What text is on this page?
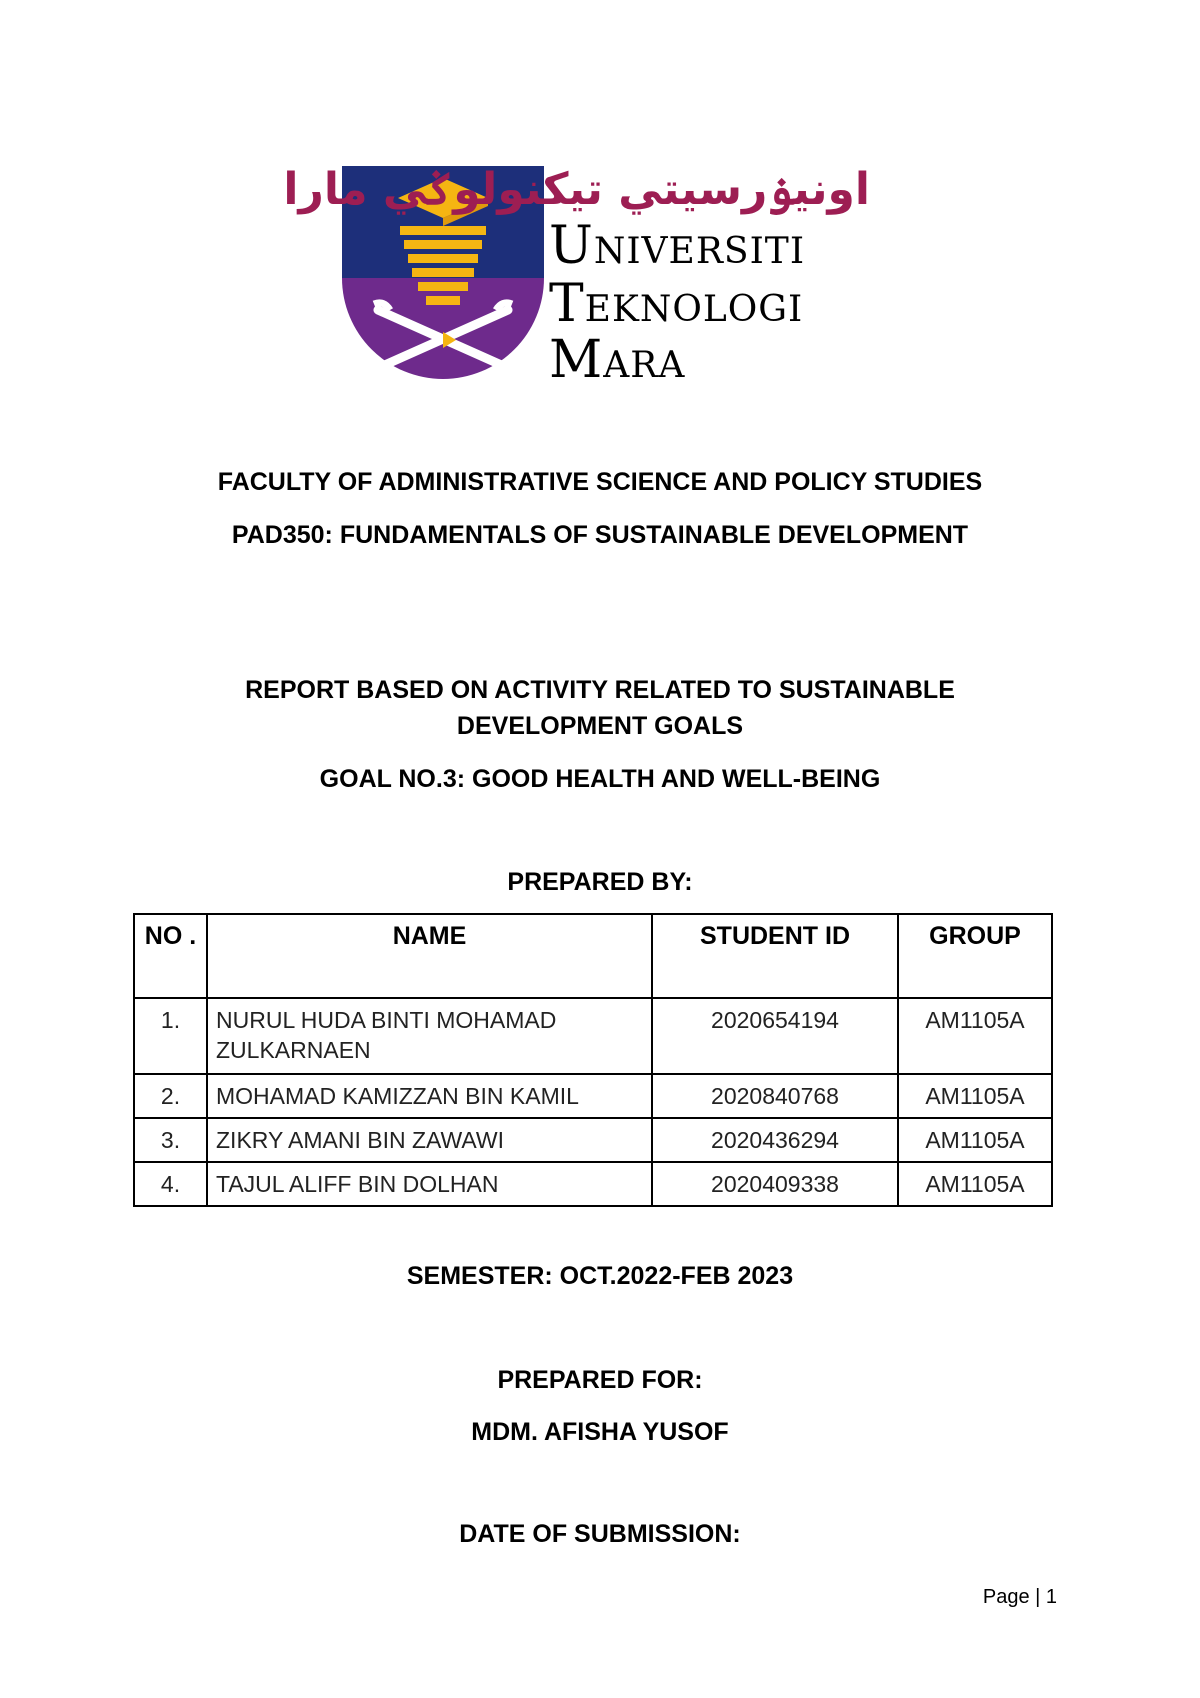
اونيۏرسيتي تيكنولوݢي مارا
Universiti
Teknologi
Mara
FACULTY OF ADMINISTRATIVE SCIENCE AND POLICY STUDIES
PAD350: FUNDAMENTALS OF SUSTAINABLE DEVELOPMENT
REPORT BASED ON ACTIVITY RELATED TO SUSTAINABLE
DEVELOPMENT GOALS
GOAL NO.3: GOOD HEALTH AND WELL-BEING
PREPARED BY:
NO .	NAME	STUDENT ID	GROUP
1.	NURUL HUDA BINTI MOHAMAD ZULKARNAEN	2020654194	AM1105A
2.	MOHAMAD KAMIZZAN BIN KAMIL	2020840768	AM1105A
3.	ZIKRY AMANI BIN ZAWAWI	2020436294	AM1105A
4.	TAJUL ALIFF BIN DOLHAN	2020409338	AM1105A
SEMESTER: OCT.2022-FEB 2023
PREPARED FOR:
MDM. AFISHA YUSOF
DATE OF SUBMISSION:
Page | 1
